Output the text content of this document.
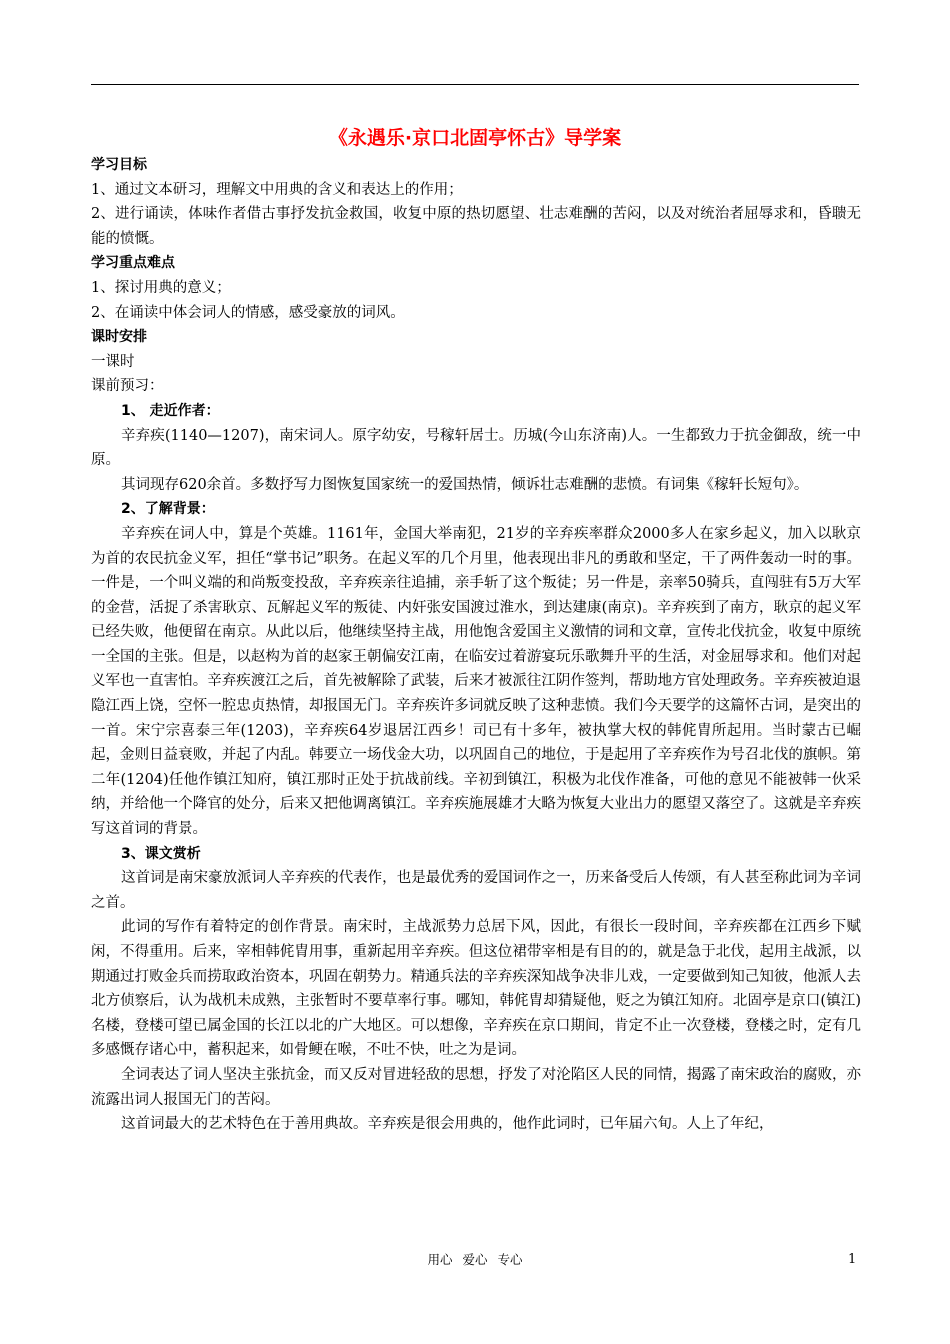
《永遇乐·京口北固亭怀古》导学案

学习目标

1、通过文本研习，理解文中用典的含义和表达上的作用；

2、进行诵读，体味作者借古事抒发抗金救国，收复中原的热切愿望、壮志难酬的苦闷，以及对统治者屈辱求和，昏聩无能的愤慨。

学习重点难点

1、探讨用典的意义；

2、在诵读中体会词人的情感，感受豪放的词风。

课时安排

一课时

课前预习：

1、 走近作者：

辛弃疾(1140—1207)，南宋词人。原字幼安，号稼轩居士。历城(今山东济南)人。一生都致力于抗金御敌，统一中原。

其词现存620余首。多数抒写力图恢复国家统一的爱国热情，倾诉壮志难酬的悲愤。有词集《稼轩长短句》。

2、了解背景：

辛弃疾在词人中，算是个英雄。1161年，金国大举南犯，21岁的辛弃疾率群众2000多人在家乡起义，加入以耿京为首的农民抗金义军，担任“掌书记”职务。在起义军的几个月里，他表现出非凡的勇敢和坚定，干了两件轰动一时的事。一件是，一个叫义端的和尚叛变投敌，辛弃疾亲往追捕，亲手斩了这个叛徒；另一件是，亲率50骑兵，直闯驻有5万大军的金营，活捉了杀害耿京、瓦解起义军的叛徒、内奸张安国渡过淮水，到达建康(南京)。辛弃疾到了南方，耿京的起义军已经失败，他便留在南京。从此以后，他继续坚持主战，用他饱含爱国主义激情的词和文章，宣传北伐抗金，收复中原统一全国的主张。但是，以赵构为首的赵家王朝偏安江南，在临安过着游宴玩乐歌舞升平的生活，对金屈辱求和。他们对起义军也一直害怕。辛弃疾渡江之后，首先被解除了武装，后来才被派往江阴作签判，帮助地方官处理政务。辛弃疾被迫退隐江西上饶，空怀一腔忠贞热情，却报国无门。辛弃疾许多词就反映了这种悲愤。我们今天要学的这篇怀古词，是突出的一首。宋宁宗喜泰三年(1203)，辛弃疾64岁退居江西乡！司已有十多年，被执掌大权的韩侂胄所起用。当时蒙古已崛起，金则日益衰败，并起了内乱。韩要立一场伐金大功，以巩固自己的地位，于是起用了辛弃疾作为号召北伐的旗帜。第二年(1204)任他作镇江知府，镇江那时正处于抗战前线。辛初到镇江，积极为北伐作准备，可他的意见不能被韩一伙采纳，并给他一个降官的处分，后来又把他调离镇江。辛弃疾施展雄才大略为恢复大业出力的愿望又落空了。这就是辛弃疾写这首词的背景。

3、课文赏析

这首词是南宋豪放派词人辛弃疾的代表作，也是最优秀的爱国词作之一，历来备受后人传颂，有人甚至称此词为辛词之首。

此词的写作有着特定的创作背景。南宋时，主战派势力总居下风，因此，有很长一段时间，辛弃疾都在江西乡下赋闲，不得重用。后来，宰相韩侂胄用事，重新起用辛弃疾。但这位裙带宰相是有目的的，就是急于北伐，起用主战派，以期通过打败金兵而捞取政治资本，巩固在朝势力。精通兵法的辛弃疾深知战争决非儿戏，一定要做到知己知彼，他派人去北方侦察后，认为战机未成熟，主张暂时不要草率行事。哪知，韩侂胄却猜疑他，贬之为镇江知府。北固亭是京口(镇江)名楼，登楼可望已属金国的长江以北的广大地区。可以想像，辛弃疾在京口期间，肯定不止一次登楼，登楼之时，定有几多感慨存诸心中，蓄积起来，如骨鲠在喉，不吐不快，吐之为是词。

全词表达了词人坚决主张抗金，而又反对冒进轻敌的思想，抒发了对沦陷区人民的同情，揭露了南宋政治的腐败，亦流露出词人报国无门的苦闷。

这首词最大的艺术特色在于善用典故。辛弃疾是很会用典的，他作此词时，已年届六旬。人上了年纪，

用心 爱心 专心	1
